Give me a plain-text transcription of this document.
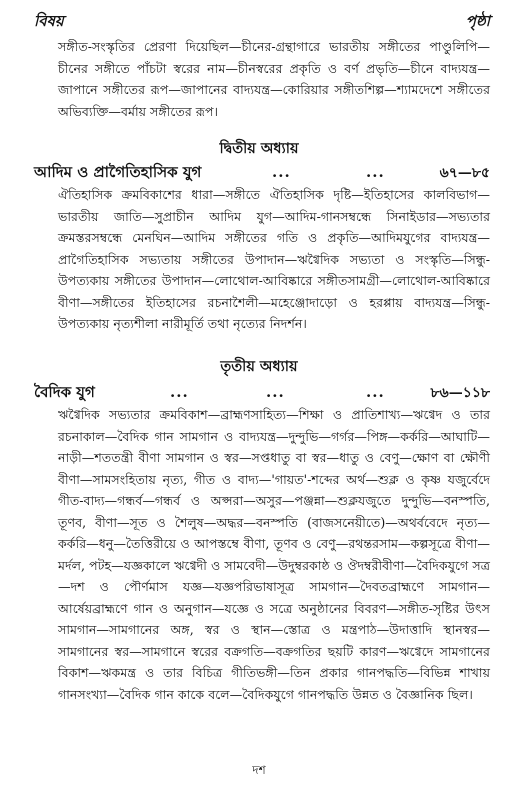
বিষয়	পৃষ্ঠা

সঙ্গীত-সংস্কৃতির প্রেরণা দিয়েছিল—চীনের-গ্রন্থাগারে ভারতীয় সঙ্গীতের পাণ্ডুলিপি—চীনের সঙ্গীতে পাঁচটা স্বরের নাম—চীনস্বরের প্রকৃতি ও বর্ণ প্রভৃতি—চীনে বাদ্যযন্ত্র—জাপানে সঙ্গীতের রূপ—জাপানের বাদ্যযন্ত্র—কোরিয়ার সঙ্গীতশিল্প—শ্যামদেশে সঙ্গীতের অভিব্যক্তি—বর্মায় সঙ্গীতের রূপ।

দ্বিতীয় অধ্যায়
আদিম ও প্রাগৈতিহাসিক যুগ	...	...	৬৭—৮৫

ঐতিহাসিক ক্রমবিকাশের ধারা—সঙ্গীতে ঐতিহাসিক দৃষ্টি—ইতিহাসের কালবিভাগ—ভারতীয় জাতি—সুপ্রাচীন আদিম যুগ—আদিম-গানসম্বন্ধে সিনাইডার—সভ্যতার ক্রমস্তরসম্বন্ধে মেনঘিন—আদিম সঙ্গীতের গতি ও প্রকৃতি—আদিমযুগের বাদ্যযন্ত্র—প্রাগৈতিহাসিক সভ্যতায় সঙ্গীতের উপাদান—ঋগ্বৈদিক সভ্যতা ও সংস্কৃতি—সিন্ধু-উপত্যকায় সঙ্গীতের উপাদান—লোথোল-আবিষ্কারে সঙ্গীতসামগ্রী—লোথোল-আবিষ্কারে বীণা—সঙ্গীতের ইতিহাসের রচনাশৈলী—মহেঞ্জোদাড়ো ও হরপ্পায় বাদ্যযন্ত্র—সিন্ধু-উপত্যকায় নৃত্যশীলা নারীমূর্তি তথা নৃত্যের নিদর্শন।

তৃতীয় অধ্যায়
বৈদিক যুগ	...	...	...	৮৬—১১৮

ঋগ্বৈদিক সভ্যতার ক্রমবিকাশ—ব্রাহ্মণসাহিত্য—শিক্ষা ও প্রাতিশাখ্য—ঋগ্বেদ ও তার রচনাকাল—বৈদিক গান সামগান ও বাদ্যযন্ত্র—দুন্দুভি—গর্গর—পিঙ্গ—কর্করি—আঘাটি—নাড়ী—শততন্ত্রী বীণা সামগান ও স্বর—সপ্তধাতু বা স্বর—ধাতু ও বেণু—ক্ষোণ বা ক্ষৌণী বীণা—সামসংহিতায় নৃত্য, গীত ও বাদ্য—'গায়ত'-শব্দের অর্থ—শুক্ল ও কৃষ্ণ যজুর্বেদে গীত-বাদ্য—গন্ধর্ব—গন্ধর্ব ও অপ্সরা—অসুর—পঞ্জন্না—শুক্লযজুতে দুন্দুভি—বনস্পতি, তূণব, বীণা—সূত ও শৈলুষ—অদ্ধর—বনস্পতি (বাজসনেয়ীতে)—অথর্ববেদে নৃত্য—কর্করি—ধনু—তৈত্তিরীয়ে ও আপস্তম্বে বীণা, তূণব ও বেণু—রথন্তরসাম—কল্পসূত্রে বীণা—মর্দল, পটহ—যজ্ঞকালে ঋগ্বেদী ও সামবেদী—উদুম্বরকাষ্ঠ ও ঔদম্বরীবীণা—বৈদিকযুগে সত্র—দশ ও পৌর্ণমাস যজ্ঞ—যজ্ঞপরিভাষাসূত্র সামগান—দৈবতব্রাহ্মণে সামগান—আর্ষেয়ব্রাহ্মণে গান ও অনুগান—যজ্ঞে ও সত্রে অনুষ্ঠানের বিবরণ—সঙ্গীত-সৃষ্টির উৎস সামগান—সামগানের অঙ্গ, স্বর ও স্থান—স্তোত্র ও মন্ত্রপাঠ—উদাত্তাদি স্থানস্বর—সামগানের স্বর—সামগানে স্বরের বক্রগতি—বক্রগতির ছয়টি কারণ—ঋগ্বেদে সামগানের বিকাশ—ঋকমন্ত্র ও তার বিচিত্র গীতিভঙ্গী—তিন প্রকার গানপদ্ধতি—বিভিন্ন শাখায় গানসংখ্যা—বৈদিক গান কাকে বলে—বৈদিকযুগে গানপদ্ধতি উন্নত ও বৈজ্ঞানিক ছিল।

দশ
